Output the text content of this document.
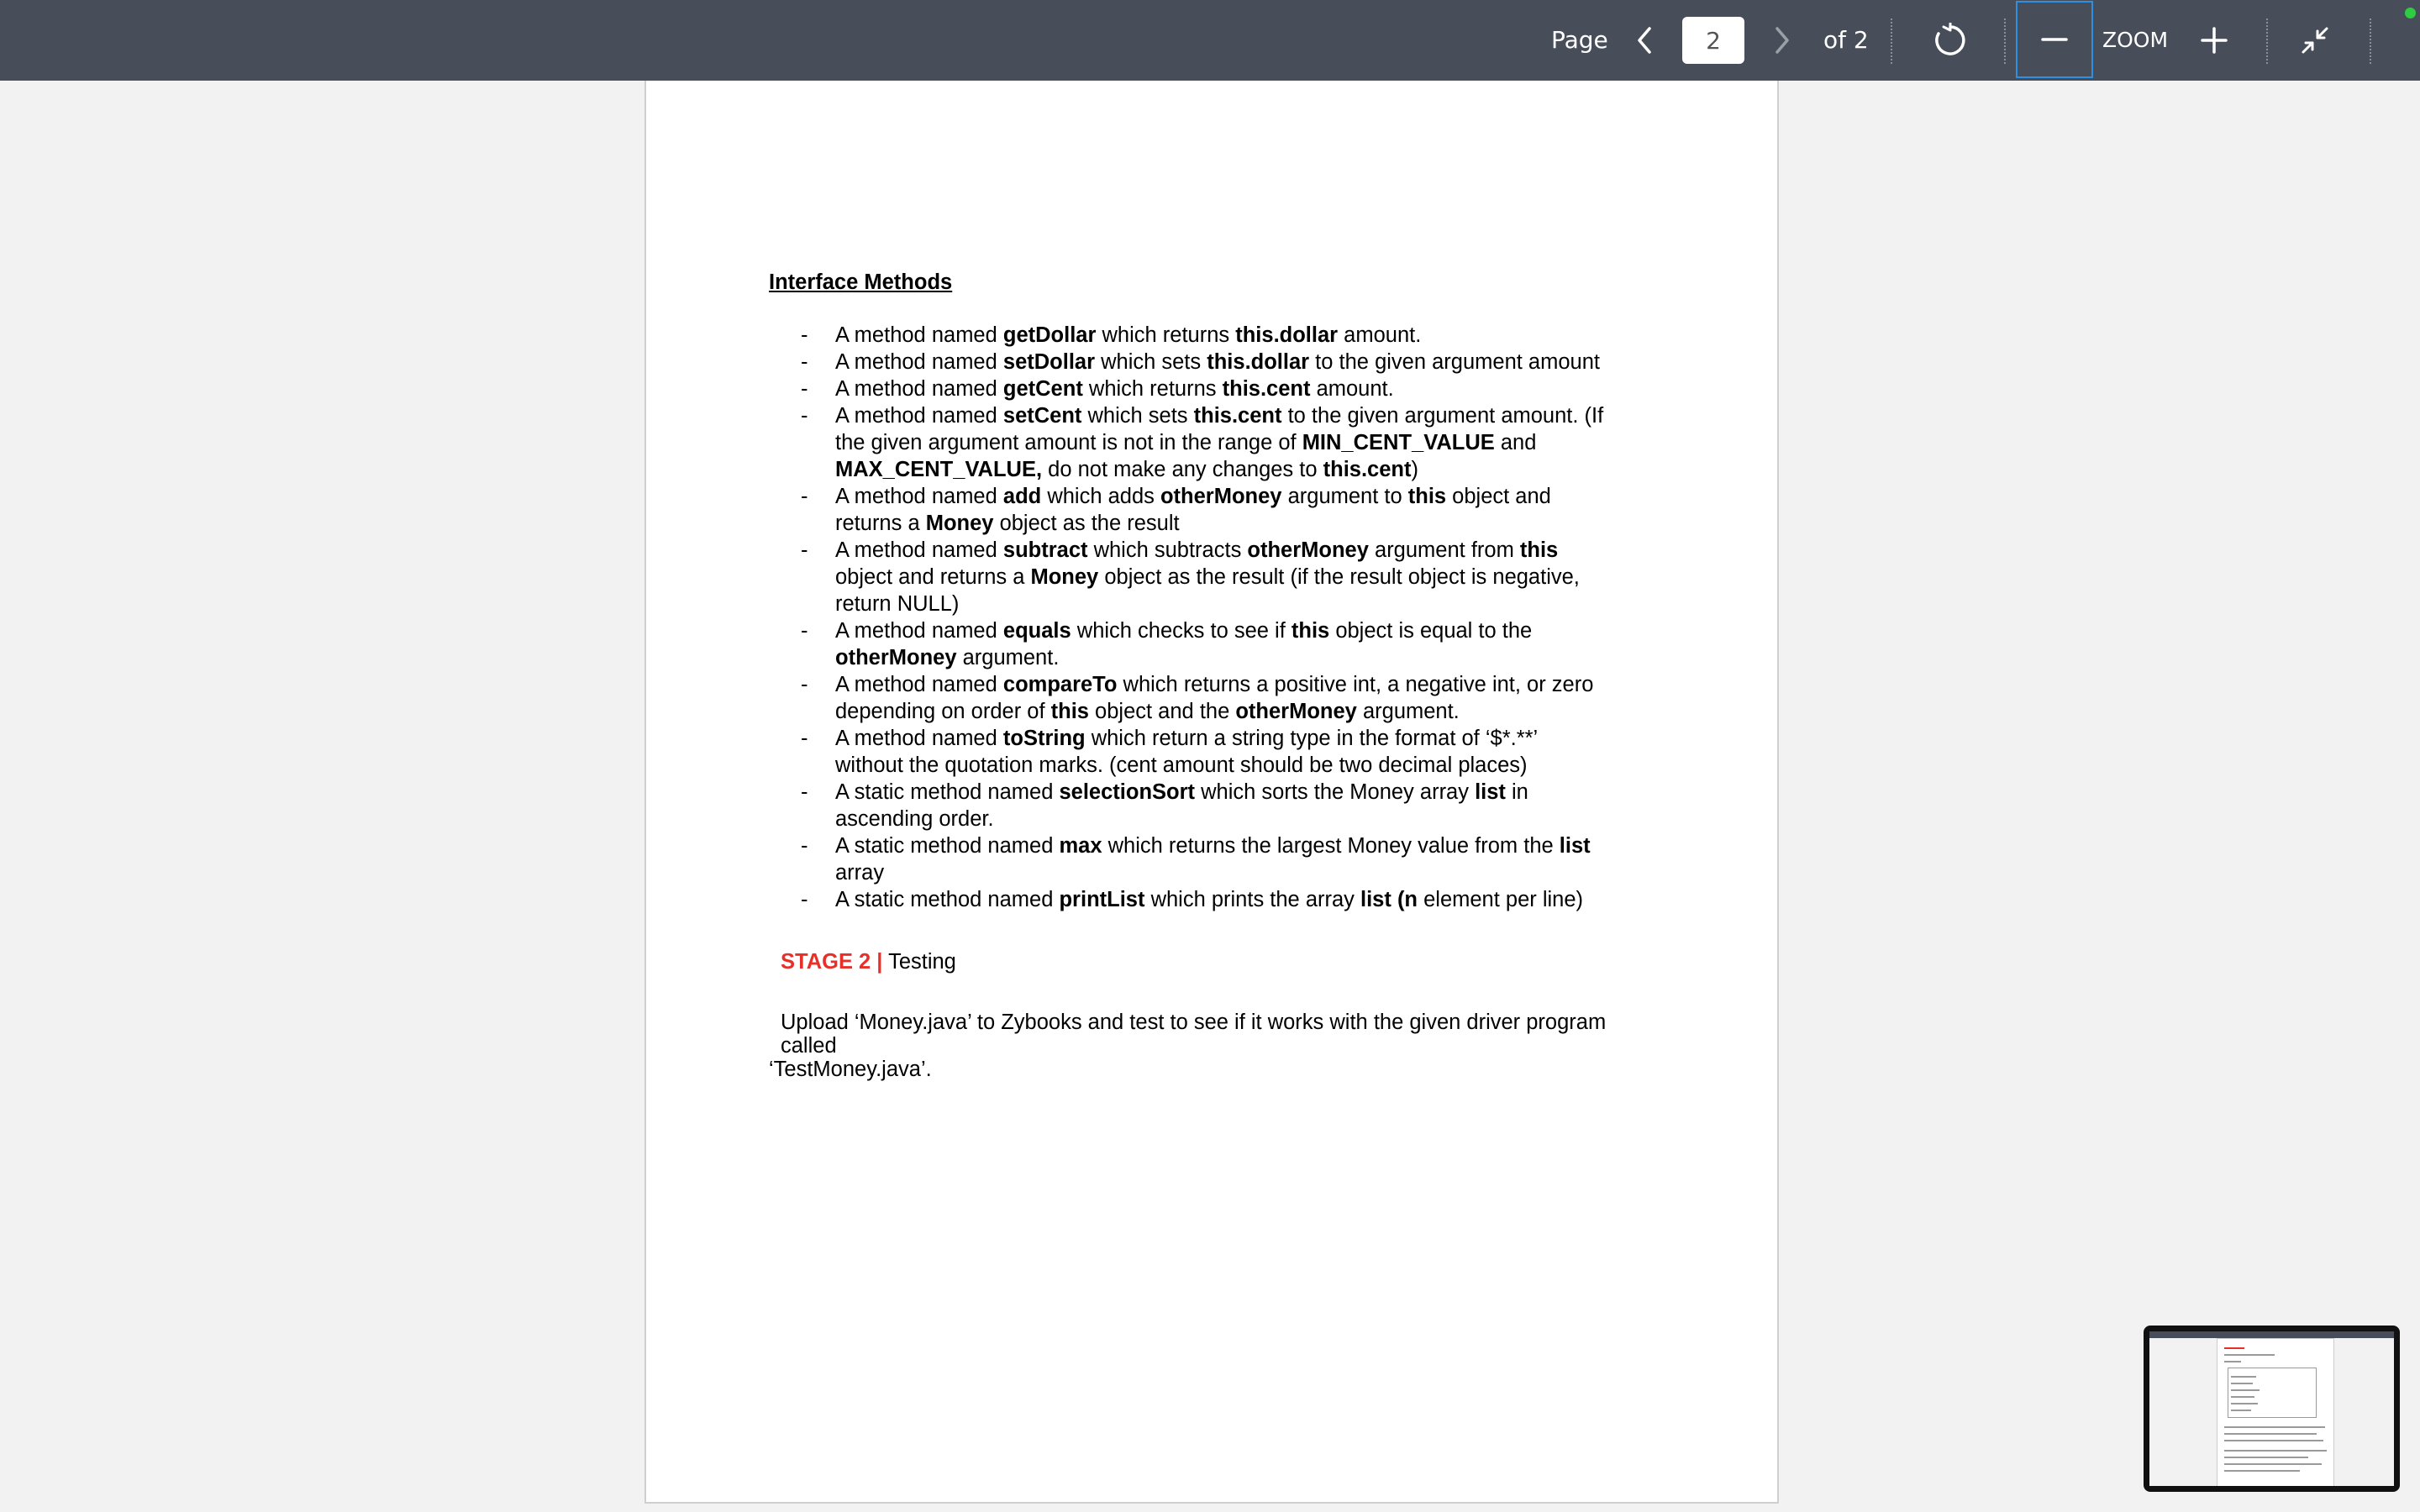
Page
2	of 2	ZOOM
Interface Methods
- A method named getDollar which returns this.dollar amount.
- A method named setDollar which sets this.dollar to the given argument amount
- A method named getCent which returns this.cent amount.
- A method named setCent which sets this.cent to the given argument amount. (If the given argument amount is not in the range of MIN_CENT_VALUE and MAX_CENT_VALUE, do not make any changes to this.cent)
- A method named add which adds otherMoney argument to this object and returns a Money object as the result
- A method named subtract which subtracts otherMoney argument from this object and returns a Money object as the result (if the result object is negative, return NULL)
- A method named equals which checks to see if this object is equal to the otherMoney argument.
- A method named compareTo which returns a positive int, a negative int, or zero depending on order of this object and the otherMoney argument.
- A method named toString which return a string type in the format of ‘$*.**’ without the quotation marks. (cent amount should be two decimal places)
- A static method named selectionSort which sorts the Money array list in ascending order.
- A static method named max which returns the largest Money value from the list array
- A static method named printList which prints the array list (n element per line)
STAGE 2 | Testing
Upload ‘Money.java’ to Zybooks and test to see if it works with the given driver program called
‘TestMoney.java’.
